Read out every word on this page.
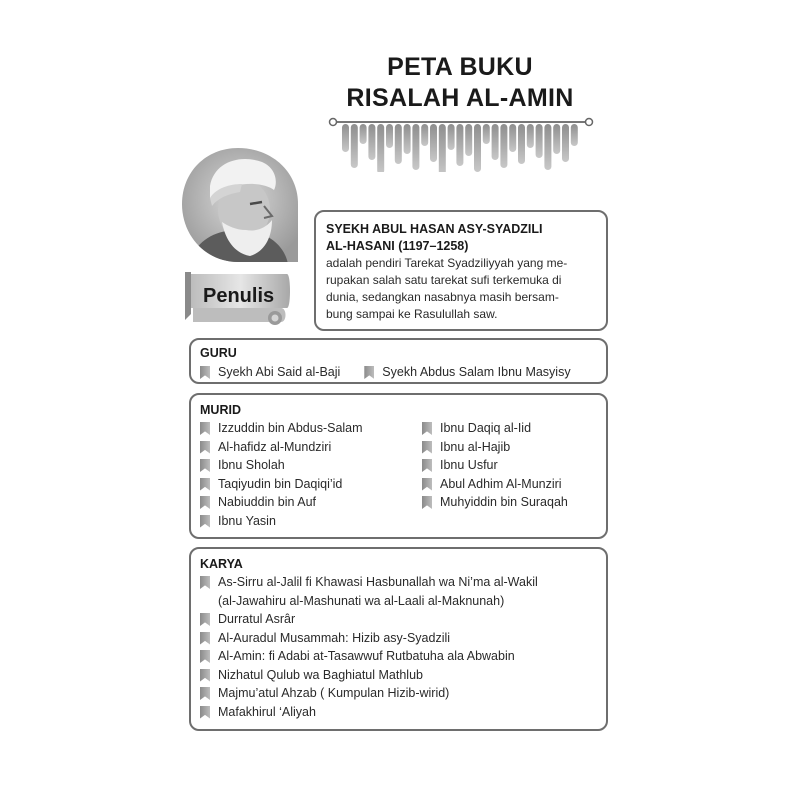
PETA BUKU
RISALAH AL-AMIN
Penulis
SYEKH ABUL HASAN ASY-SYADZILI
AL-HASANI (1197–1258)
adalah pendiri Tarekat Syadziliyyah yang me-
rupakan salah satu tarekat sufi terkemuka di
dunia, sedangkan nasabnya masih bersam-
bung sampai ke Rasulullah saw.
GURU
Syekh Abi Said al-Baji	Syekh Abdus Salam Ibnu Masyisy
MURID
Izzuddin bin Abdus-Salam
Al-hafidz al-Mundziri
Ibnu Sholah
Taqiyudin bin Daqiqi’id
Nabiuddin bin Auf
Ibnu Yasin
Ibnu Daqiq al-Iid
Ibnu al-Hajib
Ibnu Usfur
Abul Adhim Al-Munziri
Muhyiddin bin Suraqah
KARYA
As-Sirru al-Jalil fi Khawasi Hasbunallah wa Ni’ma al-Wakil
(al-Jawahiru al-Mashunati wa al-Laali al-Maknunah)
Durratul Asrâr
Al-Auradul Musammah: Hizib asy-Syadzili
Al-Amin: fi Adabi at-Tasawwuf Rutbatuha ala Abwabin
Nizhatul Qulub wa Baghiatul Mathlub
Majmu’atul Ahzab ( Kumpulan Hizib-wirid)
Mafakhirul ‘Aliyah
